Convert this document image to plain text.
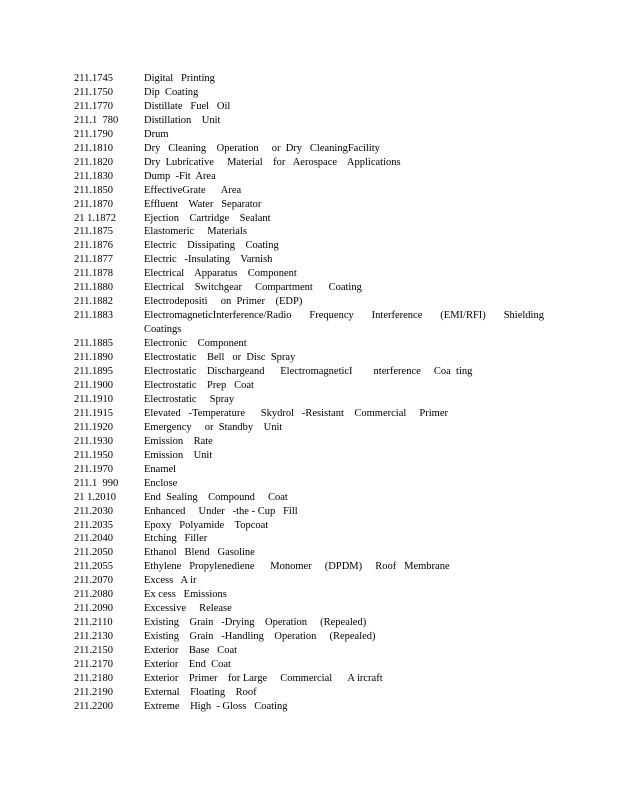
211.1745	Digital   Printing
211.1750	Dip  Coating
211.1770	Distillate   Fuel   Oil
211.1  780	Distillation    Unit
211.1790	Drum
211.1810	Dry   Cleaning    Operation     or  Dry   CleaningFacility
211.1820	Dry  Lubricative     Material    for   Aerospace    Applications
211.1830	Dump  -Fit  Area
211.1850	EffectiveGrate      Area
211.1870	Effluent    Water   Separator
21 1.1872	Ejection    Cartridge    Sealant
211.1875	Elastomeric     Materials
211.1876	Electric    Dissipating    Coating
211.1877	Electric   -Insulating    Varnish
211.1878	Electrical    Apparatus    Component
211.1880	Electrical    Switchgear     Compartment      Coating
211.1882	Electrodepositi     on  Primer    (EDP)
211.1883	ElectromagneticInterference/Radio Frequency Interference (EMI/RFI) Shielding
Coatings
211.1885	Electronic    Component
211.1890	Electrostatic    Bell   or  Disc  Spray
211.1895	Electrostatic    Dischargeand      ElectromagneticI        nterference     Coa  ting
211.1900	Electrostatic    Prep   Coat
211.1910	Electrostatic     Spray
211.1915	Elevated   -Temperature      Skydrol   -Resistant    Commercial     Primer
211.1920	Emergency     or  Standby    Unit
211.1930	Emission    Rate
211.1950	Emission    Unit
211.1970	Enamel
211.1  990	Enclose
21 1.2010	End  Sealing    Compound     Coat
211.2030	Enhanced     Under   -the - Cup   Fill
211.2035	Epoxy   Polyamide    Topcoat
211.2040	Etching   Filler
211.2050	Ethanol   Blend   Gasoline
211.2055	Ethylene   Propylenediene      Monomer     (DPDM)     Roof   Membrane
211.2070	Excess   A ir
211.2080	Ex cess   Emissions
211.2090	Excessive     Release
211.2110	Existing    Grain   -Drying    Operation     (Repealed)
211.2130	Existing    Grain   -Handling    Operation     (Repealed)
211.2150	Exterior    Base   Coat
211.2170	Exterior    End  Coat
211.2180	Exterior    Primer    for Large     Commercial      A ircraft
211.2190	External    Floating    Roof
211.2200	Extreme    High  - Gloss   Coating
